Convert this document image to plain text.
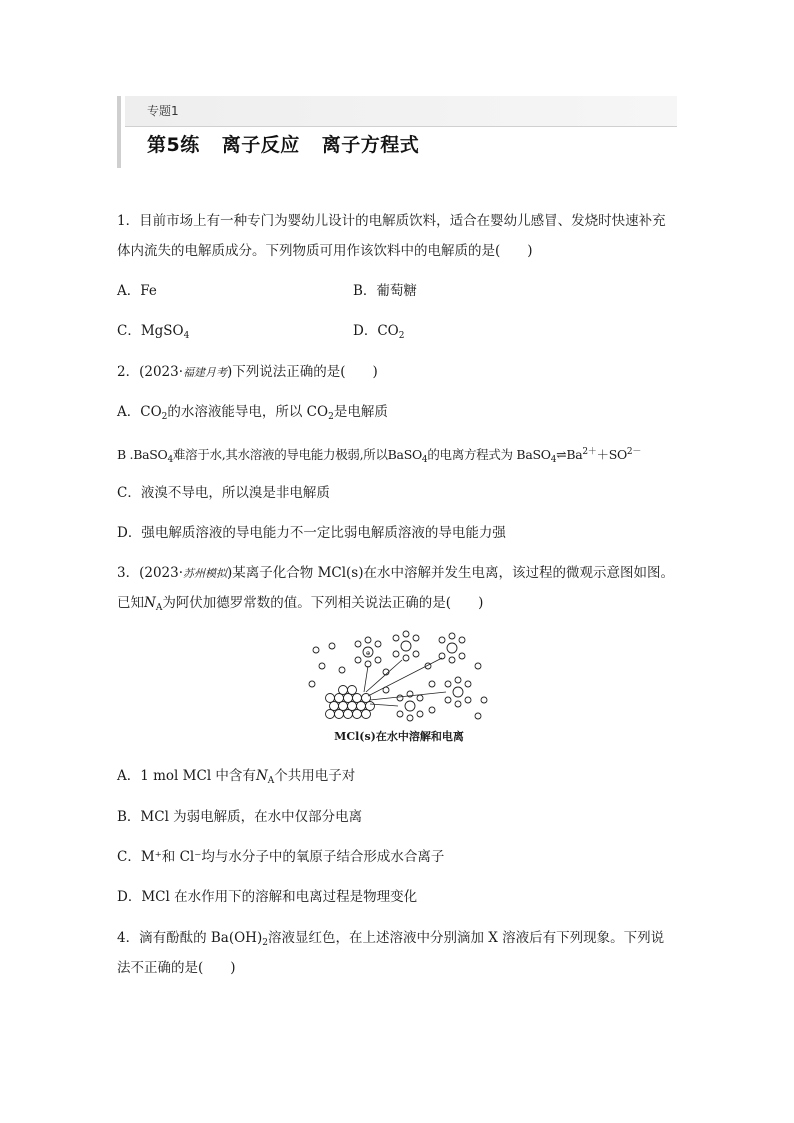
专题1
第5练 离子反应 离子方程式
1．目前市场上有一种专门为婴幼儿设计的电解质饮料，适合在婴幼儿感冒、发烧时快速补充
体内流失的电解质成分。下列物质可用作该饮料中的电解质的是(　　)
A．Fe	B．葡萄糖
C．MgSO$_4$	D．$CO_2$
2．(2023·福建月考)下列说法正确的是(　　)
A．$CO_2$的水溶液能导电，所以 $CO_2$是电解质
B .BaSO$_4$难溶于水,其水溶液的导电能力极弱,所以BaSO$_4$的电离方程式为 $BaSO_4\rightleftharpoons Ba^{2+}+SO^{2-}$
C．液溴不导电，所以溴是非电解质
D．强电解质溶液的导电能力不一定比弱电解质溶液的导电能力强
3．(2023·苏州模拟)某离子化合物 MCl(s)在水中溶解并发生电离，该过程的微观示意图如图。
已知$N_A$为阿伏加德罗常数的值。下列相关说法正确的是(　　)
⊕
MCl(s)在水中溶解和电离
A．1 mol MCl 中含有$N_A$个共用电子对
B．MCl 为弱电解质，在水中仅部分电离
C．M⁺和 Cl⁻均与水分子中的氧原子结合形成水合离子
D．MCl 在水作用下的溶解和电离过程是物理变化
4．滴有酚酞的 $Ba(OH)_2$溶液显红色，在上述溶液中分别滴加 X 溶液后有下列现象。下列说
法不正确的是(　　)
